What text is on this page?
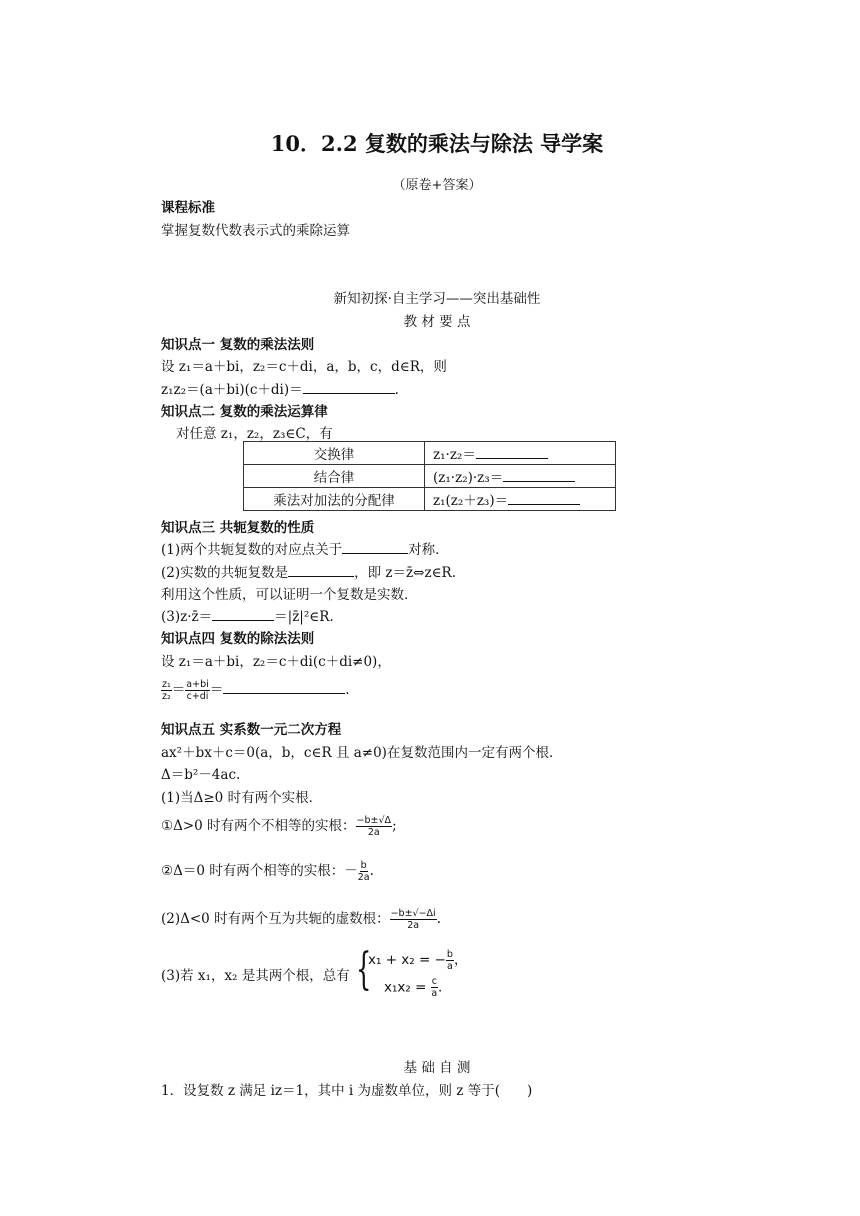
10．2.2 复数的乘法与除法 导学案
（原卷+答案）
课程标准
掌握复数代数表示式的乘除运算
新知初探·自主学习——突出基础性
教 材 要 点
知识点一 复数的乘法法则
设 z₁＝a＋bi，z₂＝c＋di，a，b，c，d∈R，则
z₁z₂＝(a＋bi)(c＋di)＝	.
知识点二 复数的乘法运算律
对任意 z₁，z₂，z₃∈C，有
交换律	z₁·z₂＝
结合律	(z₁·z₂)·z₃＝
乘法对加法的分配律	z₁(z₂＋z₃)＝
知识点三 共轭复数的性质
(1)两个共轭复数的对应点关于	对称．
(2)实数的共轭复数是	，即 z＝z̄⇔z∈R.
利用这个性质，可以证明一个复数是实数．
(3)z·z̄＝	＝|z̄|²∈R.
知识点四 复数的除法法则
设 z₁＝a＋bi，z₂＝c＋di(c＋di≠0)，
$\frac{\text{z₁}}{\text{z₂}} = \frac{a+bi}{c+di}$ ＝	.
知识点五 实系数一元二次方程
ax²＋bx＋c＝0(a，b，c∈R 且 a≠0)在复数范围内一定有两个根．
Δ＝b²－4ac.
(1)当Δ≥0 时有两个实根．
①Δ>0 时有两个不相等的实根： $\frac{-b\pm√\Delta}{2a}$ ;
②Δ＝0 时有两个相等的实根：－ $\frac{b}{2a}$ .
(2)Δ<0 时有两个互为共轭的虚数根： $\frac{-b\pm√-\Delta i}{2a}$ .
(3)若 x₁，x₂ 是其两个根，总有 {
x₁ + x₂ = − $\frac{b}{a}$ ，
$x_1x_2 = \frac{c}{a}$ .
基 础 自 测
1．设复数 z 满足 iz＝1，其中 i 为虚数单位，则 z 等于(　　)
